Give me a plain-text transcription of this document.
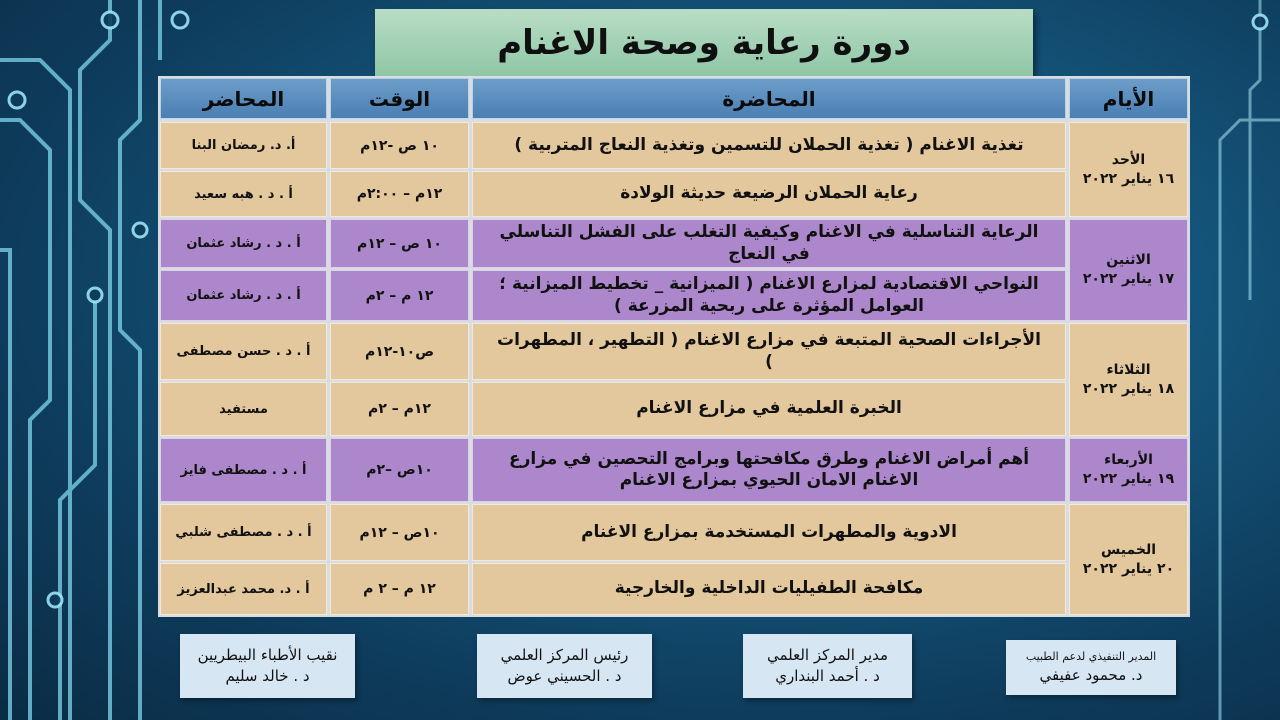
دورة رعاية وصحة الاغنام
الأيام
المحاضرة
الوقت
المحاضر
الأحد
١٦ يناير ٢٠٢٢
الاثنين
١٧ يناير ٢٠٢٢
الثلاثاء
١٨ يناير ٢٠٢٢
الأربعاء
١٩ يناير ٢٠٢٢
الخميس
٢٠ يناير ٢٠٢٢
تغذية الاغنام ( تغذية الحملان للتسمين وتغذية النعاج المتربية )
١٠ ص -١٢م
أ. د. رمضان البنا
رعاية الحملان الرضيعة حديثة الولادة
١٢م – ٢:٠٠م
أ . د . هبه سعيد
الرعاية التناسلية في الاغنام وكيفية التغلب على الفشل التناسلي في النعاج
١٠ ص – ١٢م
أ . د . رشاد عثمان
النواحي الاقتصادية لمزارع الاغنام ( الميزانية _ تخطيط الميزانية ؛ العوامل المؤثرة على ربحية المزرعة )
١٢ م – ٢م
أ . د . رشاد عثمان
الأجراءات الصحية المتبعة في مزارع الاغنام ( التطهير ، المطهرات )
ص١٠-١٢م
أ . د . حسن مصطفى
الخبرة العلمية في مزارع الاغنام
١٢م – ٢م
مستفيد
أهم أمراض الاغنام وطرق مكافحتها وبرامج التحصين في مزارع الاغنام الامان الحيوي بمزارع الاغنام
١٠ص –٢م
أ . د . مصطفى فايز
الادوية والمطهرات المستخدمة بمزارع الاغنام
١٠ص – ١٢م
أ . د . مصطفى شلبي
مكافحة الطفيليات الداخلية والخارجية
١٢ م – ٢ م
أ . د. محمد عبدالعزيز
نقيب الأطباء البيطريين
د . خالد سليم
رئيس المركز العلمي
د . الحسيني عوض
مدير المركز العلمي
د . أحمد البنداري
المدير التنفيذي لدعم الطبيب
د. محمود عفيفي
